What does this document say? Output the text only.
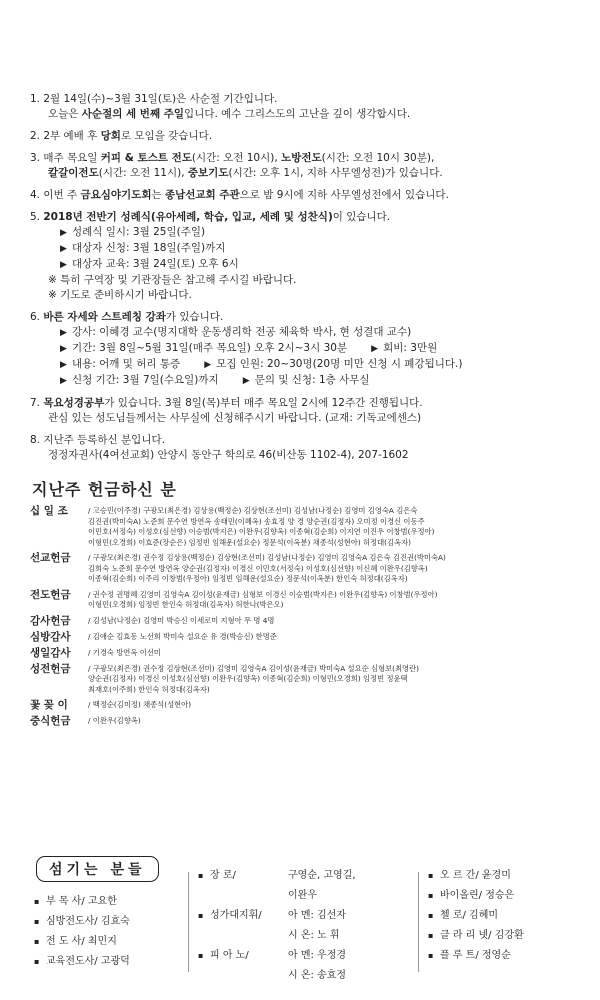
1. 2월 14일(수)~3월 31일(토)은 사순절 기간입니다.
오늘은 사순절의 세 번째 주일입니다. 예수 그리스도의 고난을 깊이 생각합시다.
2. 2부 예배 후 당회로 모임을 갖습니다.
3. 매주 목요일 커피 & 토스트 전도(시간: 오전 10시), 노방전도(시간: 오전 10시 30분),
칼갈이전도(시간: 오전 11시), 중보기도(시간: 오후 1시, 지하 사무엘성전)가 있습니다.
4. 이번 주 금요심야기도회는 종남선교회 주관으로 밤 9시에 지하 사무엘성전에서 있습니다.
5. 2018년 전반기 성례식(유아세례, 학습, 입교, 세례 및 성찬식)이 있습니다.
▶ 성례식 일시: 3월 25일(주일)
▶ 대상자 신청: 3월 18일(주일)까지
▶ 대상자 교육: 3월 24일(토) 오후 6시
※ 특히 구역장 및 기관장들은 참고해 주시길 바랍니다.
※ 기도로 준비하시기 바랍니다.
6. 바른 자세와 스트레칭 강좌가 있습니다.
▶ 강사: 이혜경 교수(명지대학 운동생리학 전공 체육학 박사, 현 성결대 교수)
▶ 기간: 3월 8일~5월 31일(매주 목요일) 오후 2시~3시 30분	▶ 회비: 3만원
▶ 내용: 어깨 및 허리 통증	▶ 모집 인원: 20~30명(20명 미만 신청 시 폐강됩니다.)
▶ 신청 기간: 3월 7일(수요일)까지	▶ 문의 및 신청: 1층 사무실
7. 목요성경공부가 있습니다. 3월 8일(목)부터 매주 목요일 2시에 12주간 진행됩니다.
관심 있는 성도님들께서는 사무실에 신청해주시기 바랍니다. (교재: 기독교에센스)
8. 지난주 등록하신 분입니다.
정정자권사(4여선교회) 안양시 동안구 학의로 46(비산동 1102-4), 207-1602
지난주 헌금하신 분
십 일 조	/ 고승민(이주경) 구광모(최은경) 김상용(백정순) 김상현(조선미) 김성남(나정순) 김영미 김영숙A 김은숙
김진권(박미숙A) 노준희 문수연 방연옥 송태민(이혜옥) 송효정 양 경 양순권(김정자) 오미정 이경신 이동주
이민호(서정숙) 이성호(심선향) 이승범(박지은) 이완우(김향옥) 이종혁(김순희) 이지연 이진우 이창범(우정아)
이형민(오경희) 이효준(장순은) 임정빈 임해운(설요순) 정문석(이옥분) 채종석(성현아) 허정대(김옥자)
선교헌금	/ 구광모(최은경) 권수정 김상용(백정순) 김상현(조선미) 김성남(나정순) 김영미 김영숙A 김은숙 김진권(박미숙A)
김희숙 노준희 문수연 방연옥 양순권(김정자) 이경신 이민호(서정숙) 이성호(심선향) 이신혜 이완우(김향옥)
이종혁(김순희) 이주리 이창범(우정아) 임정빈 임해운(설요순) 정문석(이옥분) 한인숙 허정대(김옥자)
전도헌금	/ 권수정 권명혜 김영미 김영숙A 김이성(윤재금) 심형보 이경신 이승범(박지은) 이완우(김향옥) 이창범(우정아)
이형민(오경희) 임정빈 한인숙 허정대(김옥자) 허한나(박은오)
감사헌금	/ 김성남(나정순) 김영미 박승신 이세로미 지형아 무 명 4명
심방감사	/ 김애순 김효동 노선희 박미숙 설요순 유 경(박승신) 한명준
생일감사	/ 기경숙 방연옥 이선미
성전헌금	/ 구광모(최은경) 권수정 김상현(조선미) 김영미 김영숙A 김이성(윤재금) 박미숙A 설요순 심형보(최영란)
양순권(김정자) 이경신 이성호(심선향) 이완우(김향옥) 이종혁(김순희) 이형민(오경희) 임정빈 정윤택
최재호(이주희) 한인숙 허정대(김옥자)
꽃 꽂 이	/ 백정순(김미정) 채종석(성현아)
중식헌금	/ 이완우(김향옥)
섬기는 분들
▪ 부 목 사/ 고요한
▪ 심방전도사/ 김효숙
▪ 전 도 사/ 최민지
▪ 교육전도사/ 고광덕
▪ 장 로/	구영순, 고영길,
이완우
▪ 성가대지휘/	아 멘: 김선자
시 온: 노 휘
▪ 피 아 노/	아 멘: 우정경
시 온: 송효정
▪ 오 르 간/ 윤경미
▪ 바이올린/ 정승은
▪ 첼 로/ 김혜미
▪ 클 라 리 넷/ 김강환
▪ 플 루 트/ 정영순
